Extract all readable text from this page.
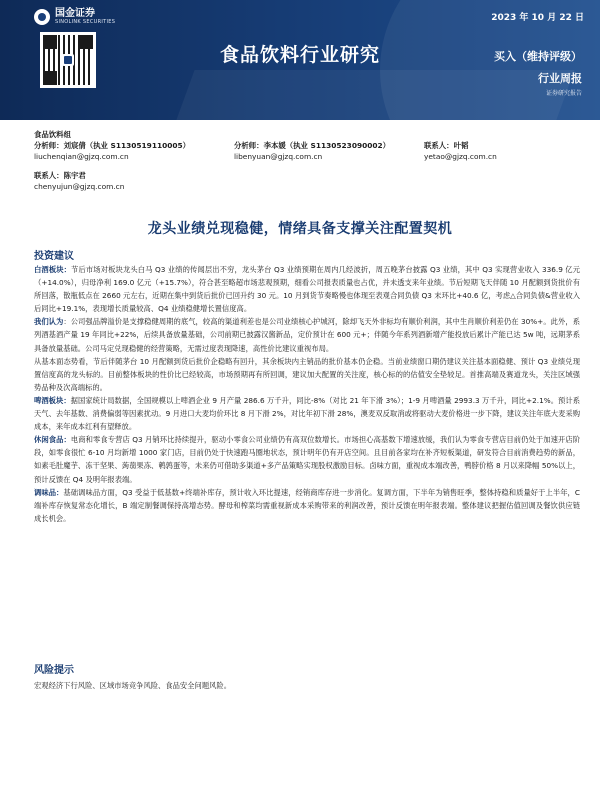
国金证券
SINOLINK SECURITIES	2023 年 10 月 22 日
食品饮料行业研究	买入（维持评级）
行业周报
证券研究报告
食品饮料组
分析师：刘宸倩（执业 S1130519110005）	分析师：李本媛（执业 S1130523090002）	联系人：叶韬
liuchenqian@gjzq.com.cn	libenyuan@gjzq.com.cn	yetao@gjzq.com.cn
联系人：陈宇君
chenyujun@gjzq.com.cn
龙头业绩兑现稳健，情绪具备支撑关注配置契机
投资建议

白酒板块：节后市场对板块龙头白马 Q3 业绩的传闻层出不穷，龙头茅台 Q3 业绩预期在周内几经波折，周五晚茅台披露 Q3 业绩，其中 Q3 实现营业收入 336.9 亿元（+14.0%），归母净利 169.0 亿元（+15.7%），符合甚至略超市场悲观预期，细看公司报表质量也占优，并未透支来年业绩。节后短期飞天伴随 10 月配额到货批价有所回落，散瓶低点在 2660 元左右，近期在集中到货后批价已回升约 30 元。10 月到货节奏略慢也体现至表观合同负债 Q3 末环比+40.6 亿，考虑△合同负债&营业收入后同比+19.1%，表现增长质量较高、Q4 业绩稳健增长置信度高。

我们认为：公司强品牌溢价是支撑稳健周期的底气，较高的渠道利差也是公司业绩核心护城河，除却飞天外非标均有顺价利润，其中生肖顺价利差仍在 30%+。此外，系列酒基酒产量 19 年同比+22%，后续具备放量基础，公司前期已披露汉酱新品，定价预计在 600 元+；伴随今年系列酒新增产能投放后累计产能已达 5w 吨，远期茅系具备放量基础。公司马定兑现稳健的经营策略，无需过度表现降速，高性价比建议重视布局。

从基本面态势看，节后伴随茅台 10 月配额到货后批价企稳略有回升，其余板块内主销品的批价基本仍企稳。当前业绩窗口期仍建议关注基本面稳健、预计 Q3 业绩兑现置信度高的龙头标的。目前整体板块的性价比已经较高，市场预期再有所回调，建议加大配置的关注度，核心标的的估值安全垫较足。首推高端及赛道龙头，关注区域强势品种及次高端标的。

啤酒板块：据国家统计局数据，全国规模以上啤酒企业 9 月产量 286.6 万千升，同比-8%（对比 21 年下滑 3%）；1-9 月啤酒量 2993.3 万千升，同比+2.1%。预计系天气、去年基数、消费偏弱等因素扰动。9 月进口大麦均价环比 8 月下滑 2%，对比年初下滑 28%，澳麦双反取消或将驱动大麦价格进一步下降，建议关注年底大麦采购成本，来年成本红利有望释放。

休闲食品：电商和零食专营店 Q3 月销环比持续提升，驱动小零食公司业绩仍有高双位数增长。市场担心高基数下增速放缓，我们认为零食专营店目前仍处于加速开店阶段，如零食很忙 6-10 月均新增 1000 家门店，目前仍处于快速跑马圈地状态，预计明年仍有开店空间。且目前各家均在补齐短板渠道，研发符合目前消费趋势的新品，如素毛肚魔芋、冻干坚果、蒟蒻果冻、鹌鹑蛋等，未来仍可借助多渠道+多产品策略实现股权激励目标。卤味方面，重视成本端改善，鸭脖价格 8 月以来降幅 50%以上，预计反馈在 Q4 及明年报表端。

调味品：基础调味品方面，Q3 受益于低基数+终端补库存，预计收入环比提速，经销商库存进一步消化。复调方面，下半年为销售旺季，整体持稳和质量好于上半年，C 端补库存恢复常态化增长，B 端定制餐调保持高增态势。酵母和榨菜均需重视新成本采购带来的利润改善，预计反馈在明年报表端。整体建议把握估值回调及餐饮供应链成长机会。

风险提示
宏观经济下行风险、区域市场竞争风险、食品安全问题风险。
